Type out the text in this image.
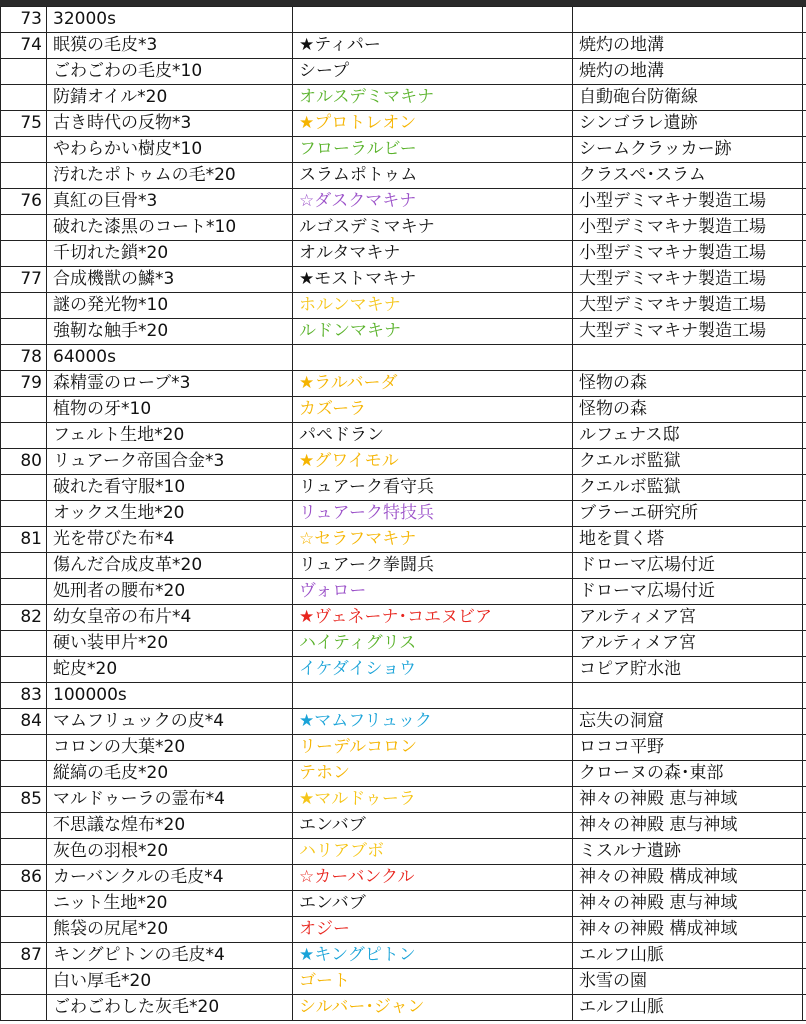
73	32000s			
74	眠獏の毛皮*3	★ティパー	焼灼の地溝	
	ごわごわの毛皮*10	シープ	焼灼の地溝	
	防錆オイル*20	オルスデミマキナ	自動砲台防衛線	
75	古き時代の反物*3	★プロトレオン	シンゴラレ遺跡	
	やわらかい樹皮*10	フローラルビー	シームクラッカー跡	
	汚れたポトゥムの毛*20	スラムポトゥム	クラスペ･スラム	
76	真紅の巨骨*3	☆ダスクマキナ	小型デミマキナ製造工場	
	破れた漆黒のコート*10	ルゴスデミマキナ	小型デミマキナ製造工場	
	千切れた鎖*20	オルタマキナ	小型デミマキナ製造工場	
77	合成機獣の鱗*3	★モストマキナ	大型デミマキナ製造工場	
	謎の発光物*10	ホルンマキナ	大型デミマキナ製造工場	
	強靭な触手*20	ルドンマキナ	大型デミマキナ製造工場	
78	64000s			
79	森精霊のローブ*3	★ラルバーダ	怪物の森	
	植物の牙*10	カズーラ	怪物の森	
	フェルト生地*20	パペドラン	ルフェナス邸	
80	リュアーク帝国合金*3	★グワイモル	クエルボ監獄	
	破れた看守服*10	リュアーク看守兵	クエルボ監獄	
	オックス生地*20	リュアーク特技兵	ブラーエ研究所	
81	光を帯びた布*4	☆セラフマキナ	地を貫く塔	
	傷んだ合成皮革*20	リュアーク拳闘兵	ドローマ広場付近	
	処刑者の腰布*20	ヴォロー	ドローマ広場付近	
82	幼女皇帝の布片*4	★ヴェネーナ･コエヌビア	アルティメア宮	
	硬い装甲片*20	ハイティグリス	アルティメア宮	
	蛇皮*20	イケダイショウ	コピア貯水池	
83	100000s			
84	マムフリュックの皮*4	★マムフリュック	忘失の洞窟	
	コロンの大葉*20	リーデルコロン	ロココ平野	
	縦縞の毛皮*20	テホン	クローヌの森･東部	
85	マルドゥーラの霊布*4	★マルドゥーラ	神々の神殿 恵与神域	
	不思議な煌布*20	エンバブ	神々の神殿 恵与神域	
	灰色の羽根*20	ハリアブボ	ミスルナ遺跡	
86	カーバンクルの毛皮*4	☆カーバンクル	神々の神殿 構成神域	
	ニット生地*20	エンバブ	神々の神殿 恵与神域	
	熊袋の尻尾*20	オジー	神々の神殿 構成神域	
87	キングピトンの毛皮*4	★キングピトン	エルフ山脈	
	白い厚毛*20	ゴート	氷雪の園	
	ごわごわした灰毛*20	シルバー･ジャン	エルフ山脈	
